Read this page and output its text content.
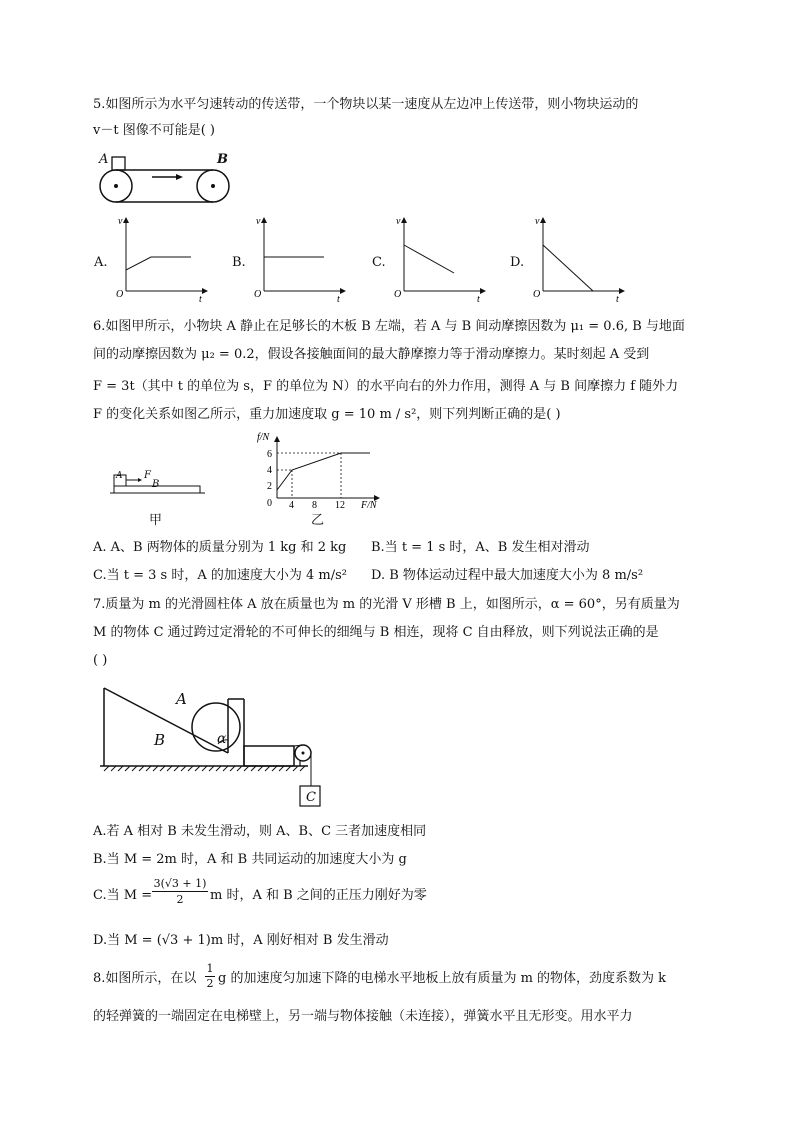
5.如图所示为水平匀速转动的传送带，一个物块以某一速度从左边冲上传送带，则小物块运动的
v－t 图像不可能是( )
A	B
A.
v
t
O
B.
v
t
O
C.
v
t
O
D.
v
t
O
6.如图甲所示，小物块 A 静止在足够长的木板 B 左端，若 A 与 B 间动摩擦因数为 μ₁ = 0.6, B 与地面
间的动摩擦因数为 μ₂ = 0.2，假设各接触面间的最大静摩擦力等于滑动摩擦力。某时刻起 A 受到
F = 3t（其中 t 的单位为 s，F 的单位为 N）的水平向右的外力作用，测得 A 与 B 间摩擦力 f 随外力
F 的变化关系如图乙所示，重力加速度取 g = 10 m / s²，则下列判断正确的是( )
A F
B
甲
f/N
6
4
2
0 4 8 12 F/N
乙
A. A、B 两物体的质量分别为 1 kg 和 2 kg B.当 t = 1 s 时，A、B 发生相对滑动
C.当 t = 3 s 时，A 的加速度大小为 4 m/s² D. B 物体运动过程中最大加速度大小为 8 m/s²
7.质量为 m 的光滑圆柱体 A 放在质量也为 m 的光滑 V 形槽 B 上，如图所示，α = 60°，另有质量为
M 的物体 C 通过跨过定滑轮的不可伸长的细绳与 B 相连，现将 C 自由释放，则下列说法正确的是
( )
A
B	α
C
A.若 A 相对 B 未发生滑动，则 A、B、C 三者加速度相同
B.当 M = 2m 时，A 和 B 共同运动的加速度大小为 g
C.当 $M = \frac{3(√3 + 1)}{2}$ m 时，A 和 B 之间的正压力刚好为零
D.当 M = (√3 + 1)m 时，A 刚好相对 B 发生滑动
8.如图所示，在以 $\frac{1}{2}$ g 的加速度匀加速下降的电梯水平地板上放有质量为 m 的物体，劲度系数为 k
的轻弹簧的一端固定在电梯壁上，另一端与物体接触（未连接），弹簧水平且无形变。用水平力
